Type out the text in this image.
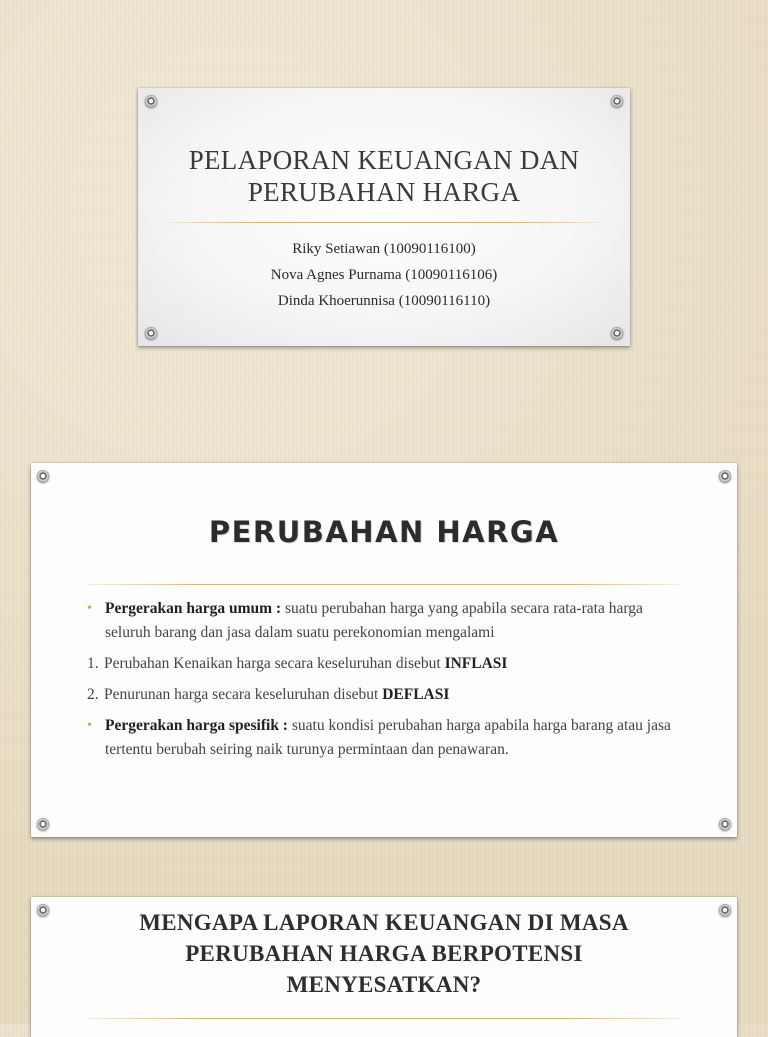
PELAPORAN KEUANGAN DAN
PERUBAHAN HARGA
Riky Setiawan (10090116100)
Nova Agnes Purnama (10090116106)
Dinda Khoerunnisa (10090116110)
PERUBAHAN HARGA
• Pergerakan harga umum : suatu perubahan harga yang apabila secara rata-rata harga seluruh barang dan jasa dalam suatu perekonomian mengalami
1. Perubahan Kenaikan harga secara keseluruhan disebut INFLASI
2. Penurunan harga secara keseluruhan disebut DEFLASI
• Pergerakan harga spesifik : suatu kondisi perubahan harga apabila harga barang atau jasa tertentu berubah seiring naik turunya permintaan dan penawaran.
MENGAPA LAPORAN KEUANGAN DI MASA
PERUBAHAN HARGA BERPOTENSI
MENYESATKAN?
